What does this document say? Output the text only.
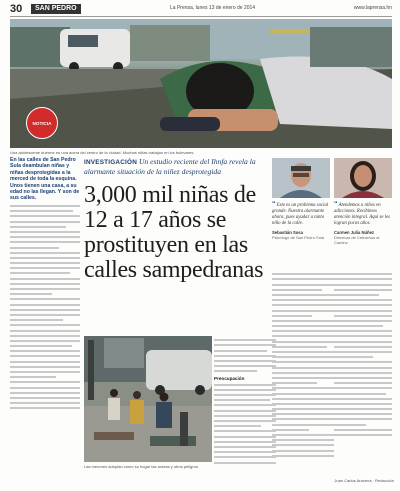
30	SAN PEDRO	La Prensa, lunes 13 de enero de 2014	www.laprensa.hn
NOTICIA
Una adolescente duerme en una acera del centro de la ciudad. Muchas niñas trabajan en los bulevares.
En las calles de San Pedro Sula deambulan niñas y niñas desprotegidas a la merced de toda la esquina. Unos tienen una casa, a su edad no las llegan. Y son de sus calles.
INVESTIGACIÓN Un estudio reciente del Ihnfa revela la alarmante situación de la niñez desprotegida
3,000 mil niñas de 12 a 17 años se prostituyen en las calles sampedranas
“ Este es un problema social grande. Nuestra alarmante ahora, pues ayudar a tanto niño de la calle.
Sebastián Sosa
Psicólogo de San Pedro Sula
“ Atendemos a niños en adicciones. Recibimos atención integral. Aquí se les logran pocos años.
Carmen Julia Núñez
Directora de Cetrachos al Camino
Las menores adoptan como su hogar las aceras y otros peligros.
Preocupación
Juan Carlos Aracena · Redacción
